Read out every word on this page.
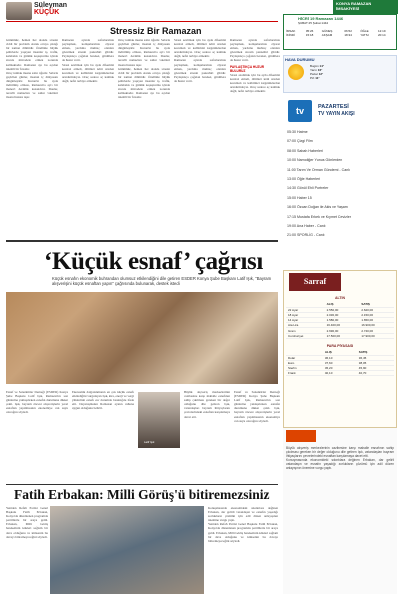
Süleyman
KÜÇÜK
Stressiz Bir Ramazan

Günümüz, hemen her alanda stresin ciddi bir problem olarak ortaya çıktığı bir zaman dilimidir. Özellikle büyük şehirlerde yaşayan insanlar iş, trafik, kalabalık ve günlük koşuşturma içinde stresle mücadele etmek zorunda kalmaktadır. Ramazan ayı bu açıdan önemli bir fırsattır.

Oruç tutmak insana sabrı öğretir. Sabırla geçirilen günler, insanın iç dünyasını dinginleştirir. Kuran'ın bu ayda indirilmiş olması, Ramazan'a ayrı bir manevi derinlik kazandırır. Dualar, teravih namazları ve sahur vakitleri insanı huzura taşır.

Ramazan ayında sofralarımızı paylaşmak, komşularımızı ziyaret etmek, yardıma muhtaç olanları gözetmek stresin panzehiri gibidir. Paylaştıkça çoğalan bereket, gönüllere de huzur verir.

Stresi azaltmak için bu ayda öfkemizi kontrol etmeli, dilimizi kötü sözden korumalı ve kalbimizi kırgınlıklardan arındırmalıyız. Oruç sadece aç kalmak değil, nefsi terbiye etmektir.

Oruç tutmak insana sabrı öğretir. Sabırla geçirilen günler, insanın iç dünyasını dinginleştirir. Kuran'ın bu ayda indirilmiş olması, Ramazan'a ayrı bir manevi derinlik kazandırır. Dualar, teravih namazları ve sahur vakitleri insanı huzura taşır.

Günümüz, hemen her alanda stresin ciddi bir problem olarak ortaya çıktığı bir zaman dilimidir. Özellikle büyük şehirlerde yaşayan insanlar iş, trafik, kalabalık ve günlük koşuşturma içinde stresle mücadele etmek zorunda kalmaktadır. Ramazan ayı bu açıdan önemli bir fırsattır.

Stresi azaltmak için bu ayda öfkemizi kontrol etmeli, dilimizi kötü sözden korumalı ve kalbimizi kırgınlıklardan arındırmalıyız. Oruç sadece aç kalmak değil, nefsi terbiye etmektir.

Ramazan ayında sofralarımızı paylaşmak, komşularımızı ziyaret etmek, yardıma muhtaç olanları gözetmek stresin panzehiri gibidir. Paylaştıkça çoğalan bereket, gönüllere de huzur verir.

Ramazan ayında sofralarımızı paylaşmak, komşularımızı ziyaret etmek, yardıma muhtaç olanları gözetmek stresin panzehiri gibidir. Paylaştıkça çoğalan bereket, gönüllere de huzur verir.

PAYLAŞTIKÇA HUZUR BULURUZ

Stresi azaltmak için bu ayda öfkemizi kontrol etmeli, dilimizi kötü sözden korumalı ve kalbimizi kırgınlıklardan arındırmalıyız. Oruç sadece aç kalmak değil, nefsi terbiye etmektir.

KONYA RAMAZAN İMSAKİYESİ
HİCRİ 19 Ramazan 1446
ŞUBAT 25 Şubat 1444
İMSAK	05:26	GÜNEŞ	06:52	ÖĞLE	12:19
İKİNDİ	15:18	AKŞAM	18:34	YATSI	20:14
HAVA DURUMU
Bugün 14°
Yarın 16°
Pazar 12°
Pzt 11°
tv	PAZARTESİ
TV YAYIN AKIŞI
05:30 Hatme
07:00 Çizgi Film
08:00 Sabah Haberleri
10:00 Namıdiğer Yunus Gönlerden
11:00 Tarım Ve Orman Gündemi - Canlı
13:00 Öğle Haberleri
14:30 Gönül Ehli Portreler
15:00 Haber 15
16:00 Özcan Doğan ile Akis ve Yaşam
17:15 Mustafa Erkek ve Kıymet Cevizler
19:00 Ana Haber - Canlı
21:00 SPORLİG - Canlı
Sarraf
ALTIN
	ALIŞ	SATIŞ
22 Ayar	2.550,00	2.620,00
18 Ayar	2.030,00	2.150,00
14 Ayar	1.580,00	1.650,00
Ata Lira	16.400,00	16.900,00
Gram	2.690,00	2.740,00
Cumhuriyet	17.500,00	17.900,00
PARA PİYASASI
	ALIŞ	SATIŞ
Dolar	36,10	36,45
Euro	37,60	38,05
Sterlin	45,20	45,90
Frank	40,10	40,70

Büyük alışveriş merkezlerinin cazibesine karşı mahalle esnafının sahip çıkılması gereken bir değer olduğunu dile getiren Işık, vatandaşları bayram ihtiyaçlarını çevrelerindeki esnaftan karşılamaya davet etti.

Konuşmasında ekonomideki sıkıntılara değinen Erbakan, dar gelirli vatandaşın ve esnafın yaşadığı zorlukların çözümü için adil düzen anlayışının önemine vurgu yaptı.

‘Küçük esnaf’ çağrısı
Küçük esnafın ekonomik buhrandan olumsuz etkilendiğini dile getiren ESDER Konya Şube Başkanı Latif Işık, "Bayram alışverişini küçük esnaftan yapın" çağrısında bulunarak, destek istedi

Esnaf ve Sanatkârlar Derneği (ESDER) Konya Şube Başkanı Latif Işık, Ramazan'ın son günlerine yaklaşılırken esnafın durumuna dikkat çekti. Işık, bayram öncesi alışverişlerin yerel esnaftan yapılmasının ekonomiye can suyu olacağını söyledi.

Ekonomik dalgalanmanın en çok küçük esnafı etkilediğini vurgulayan Işık, kira, enerji ve vergi yüklerinin esnafı zor durumda bıraktığını ifade etti. Dayanışmanın Ramazan ayının ruhuna uygun olduğunu belirtti.

Latif Işık

Büyük alışveriş merkezlerinin cazibesine karşı mahalle esnafının sahip çıkılması gereken bir değer olduğunu dile getiren Işık, vatandaşları bayram ihtiyaçlarını çevrelerindeki esnaftan karşılamaya davet etti.

Esnaf ve Sanatkârlar Derneği (ESDER) Konya Şube Başkanı Latif Işık, Ramazan'ın son günlerine yaklaşılırken esnafın durumuna dikkat çekti. Işık, bayram öncesi alışverişlerin yerel esnaftan yapılmasının ekonomiye can suyu olacağını söyledi.

Fatih Erbakan: Milli Görüş'ü bitiremezsiniz

Yeniden Refah Partisi Genel Başkanı Fatih Erbakan, Konya'da düzenlenen programda partililerle bir araya geldi. Erbakan, Milli Görüş hareketinin kökleri sağlam bir dava olduğunu ve kimsenin bu davayı bitiremeyeceğini söyledi.

Konuşmasında ekonomideki sıkıntılara değinen Erbakan, dar gelirli vatandaşın ve esnafın yaşadığı zorlukların çözümü için adil düzen anlayışının önemine vurgu yaptı.

Yeniden Refah Partisi Genel Başkanı Fatih Erbakan, Konya'da düzenlenen programda partililerle bir araya geldi. Erbakan, Milli Görüş hareketinin kökleri sağlam bir dava olduğunu ve kimsenin bu davayı bitiremeyeceğini söyledi.
